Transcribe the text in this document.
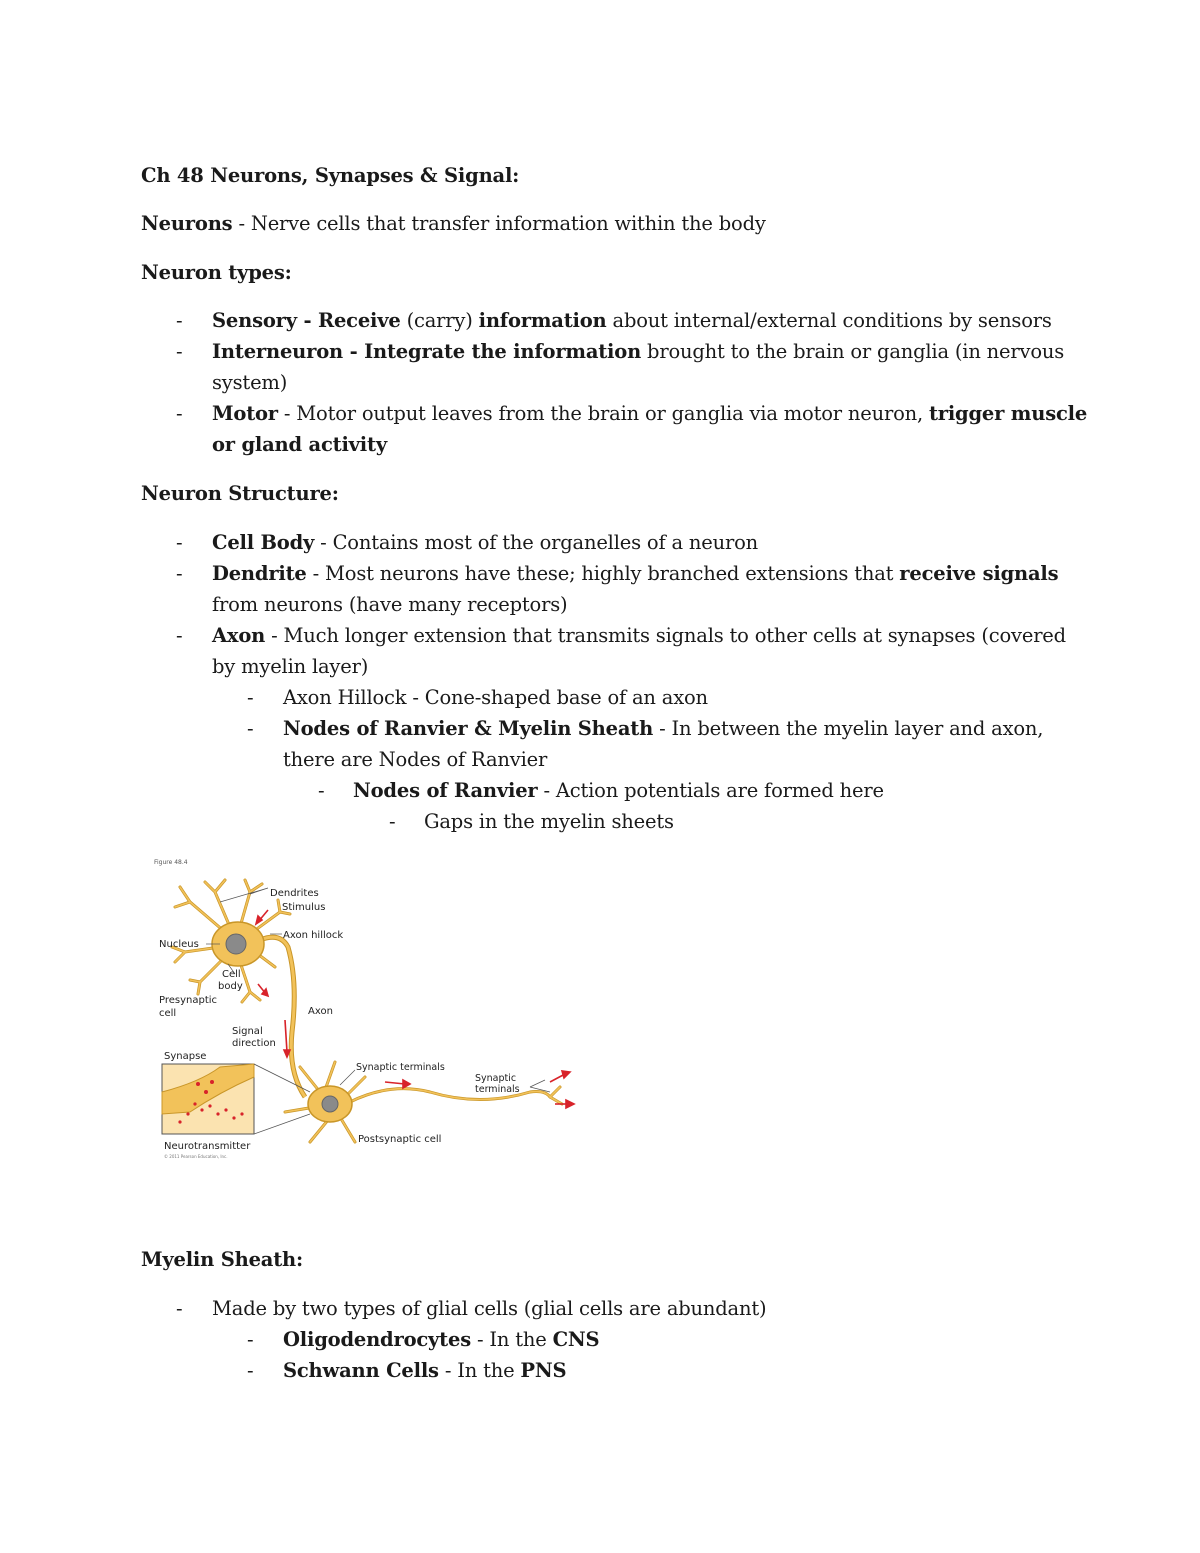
Ch 48 Neurons, Synapses & Signal:
Neurons - Nerve cells that transfer information within the body
Neuron types:
- Sensory - Receive (carry) information about internal/external conditions by sensors
- Interneuron - Integrate the information brought to the brain or ganglia (in nervous
system)
- Motor - Motor output leaves from the brain or ganglia via motor neuron, trigger muscle
or gland activity
Neuron Structure:
- Cell Body - Contains most of the organelles of a neuron
- Dendrite - Most neurons have these; highly branched extensions that receive signals
from neurons (have many receptors)
- Axon - Much longer extension that transmits signals to other cells at synapses (covered
by myelin layer)
- Axon Hillock - Cone-shaped base of an axon
- Nodes of Ranvier & Myelin Sheath - In between the myelin layer and axon,
there are Nodes of Ranvier
- Nodes of Ranvier - Action potentials are formed here
- Gaps in the myelin sheets
Figure 48.4
Dendrites
Stimulus
Nucleus
Axon hillock
Cell
body
Presynaptic
cell	Axon
Signal
direction
Synapse
Synaptic terminals
Synaptic
terminals
Postsynaptic cell
Neurotransmitter
© 2011 Pearson Education, Inc.
Myelin Sheath:
- Made by two types of glial cells (glial cells are abundant)
- Oligodendrocytes - In the CNS
- Schwann Cells - In the PNS
